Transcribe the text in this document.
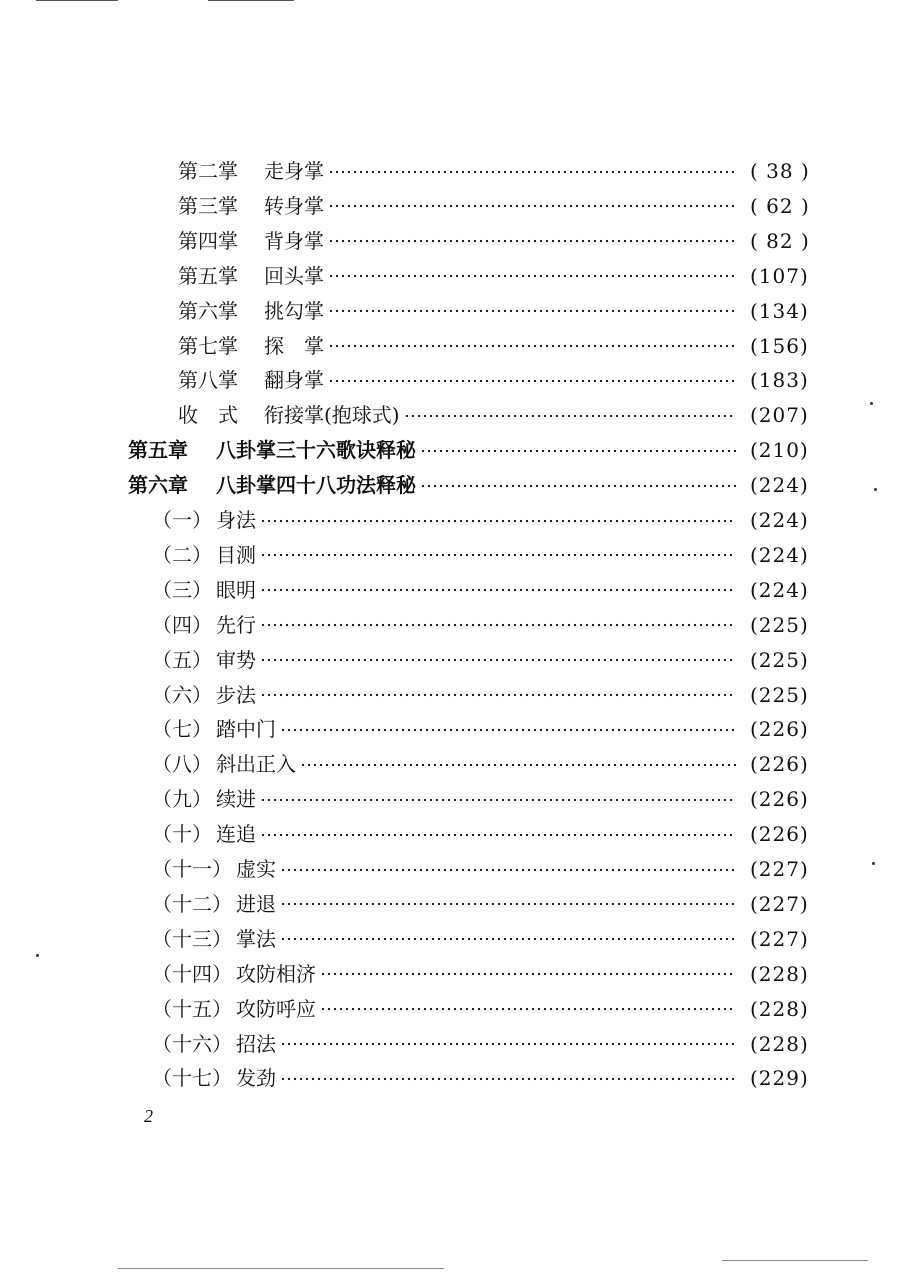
第二掌 走身掌	( 38 )
第三掌 转身掌	( 62 )
第四掌 背身掌	( 82 )
第五掌 回头掌	(107)
第六掌 挑勾掌	(134)
第七掌 探　掌	(156)
第八掌 翻身掌	(183)
收　式 衔接掌(抱球式)	(207)
第五章 八卦掌三十六歌诀释秘	(210)
第六章 八卦掌四十八功法释秘	(224)
（一） 身法	(224)
（二） 目测	(224)
（三） 眼明	(224)
（四） 先行	(225)
（五） 审势	(225)
（六） 步法	(225)
（七） 踏中门	(226)
（八） 斜出正入	(226)
（九） 续进	(226)
（十） 连追	(226)
（十一） 虚实	(227)
（十二） 进退	(227)
（十三） 掌法	(227)
（十四） 攻防相济	(228)
（十五） 攻防呼应	(228)
（十六） 招法	(228)
（十七） 发劲	(229)
2
